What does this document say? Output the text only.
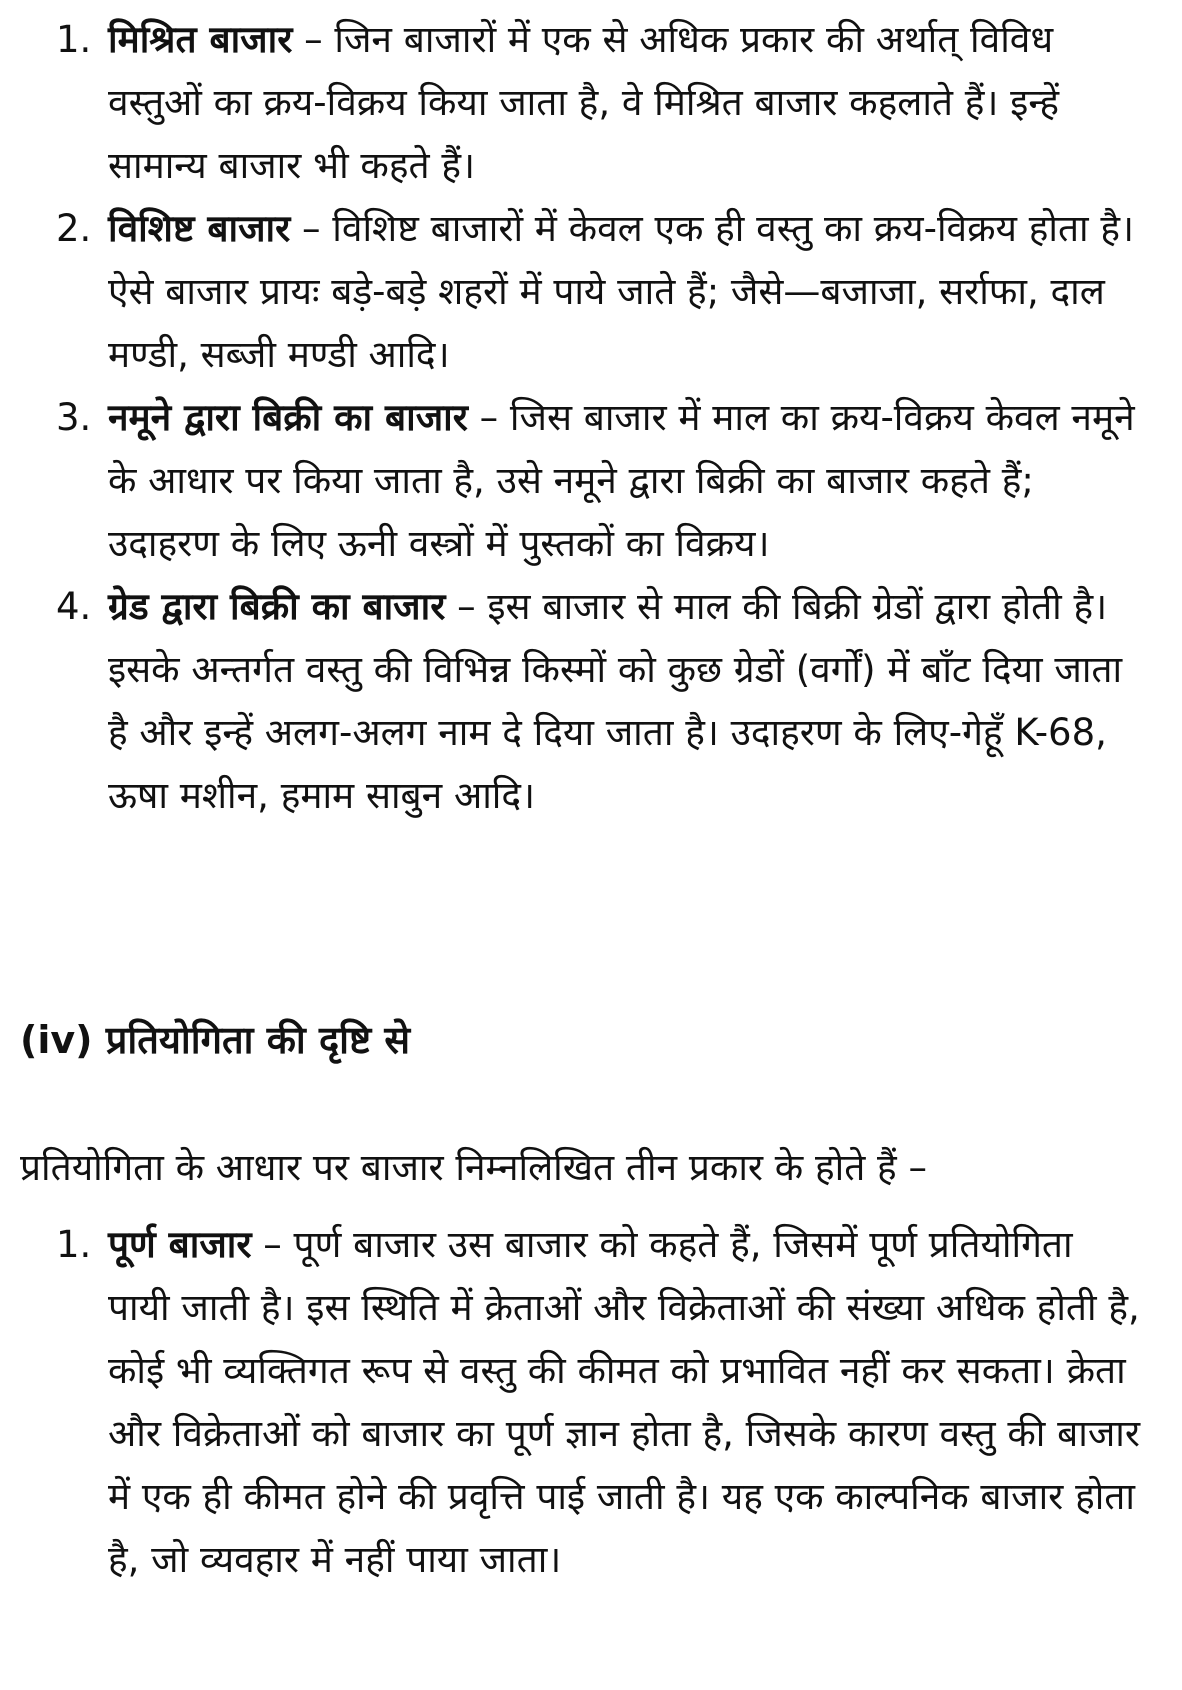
1. मिश्रित बाजार – जिन बाजारों में एक से अधिक प्रकार की अर्थात् विविध वस्तुओं का क्रय-विक्रय किया जाता है, वे मिश्रित बाजार कहलाते हैं। इन्हें सामान्य बाजार भी कहते हैं।
2. विशिष्ट बाजार – विशिष्ट बाजारों में केवल एक ही वस्तु का क्रय-विक्रय होता है। ऐसे बाजार प्रायः बड़े-बड़े शहरों में पाये जाते हैं; जैसे—बजाजा, सर्राफा, दाल मण्डी, सब्जी मण्डी आदि।
3. नमूने द्वारा बिक्री का बाजार – जिस बाजार में माल का क्रय-विक्रय केवल नमूने के आधार पर किया जाता है, उसे नमूने द्वारा बिक्री का बाजार कहते हैं; उदाहरण के लिए ऊनी वस्त्रों में पुस्तकों का विक्रय।
4. ग्रेड द्वारा बिक्री का बाजार – इस बाजार से माल की बिक्री ग्रेडों द्वारा होती है। इसके अन्तर्गत वस्तु की विभिन्न किस्मों को कुछ ग्रेडों (वर्गों) में बाँट दिया जाता है और इन्हें अलग-अलग नाम दे दिया जाता है। उदाहरण के लिए-गेहूँ K-68, ऊषा मशीन, हमाम साबुन आदि।
(iv) प्रतियोगिता की दृष्टि से

प्रतियोगिता के आधार पर बाजार निम्नलिखित तीन प्रकार के होते हैं –

1. पूर्ण बाजार – पूर्ण बाजार उस बाजार को कहते हैं, जिसमें पूर्ण प्रतियोगिता पायी जाती है। इस स्थिति में क्रेताओं और विक्रेताओं की संख्या अधिक होती है, कोई भी व्यक्तिगत रूप से वस्तु की कीमत को प्रभावित नहीं कर सकता। क्रेता और विक्रेताओं को बाजार का पूर्ण ज्ञान होता है, जिसके कारण वस्तु की बाजार में एक ही कीमत होने की प्रवृत्ति पाई जाती है। यह एक काल्पनिक बाजार होता है, जो व्यवहार में नहीं पाया जाता।
